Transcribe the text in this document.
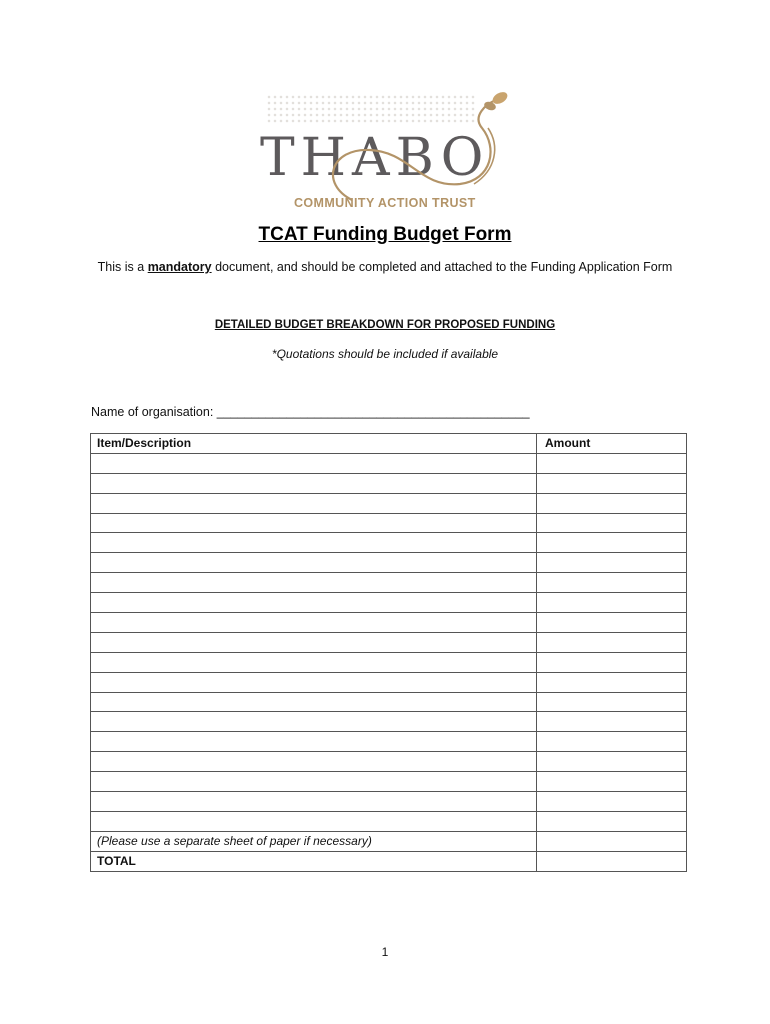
THABO
COMMUNITY ACTION TRUST
TCAT Funding Budget Form
This is a mandatory document, and should be completed and attached to the Funding Application Form
DETAILED BUDGET BREAKDOWN FOR PROPOSED FUNDING
*Quotations should be included if available
Name of organisation: _____________________________________________
Item/Description	Amount

(Please use a separate sheet of paper if necessary)	
TOTAL	
1
